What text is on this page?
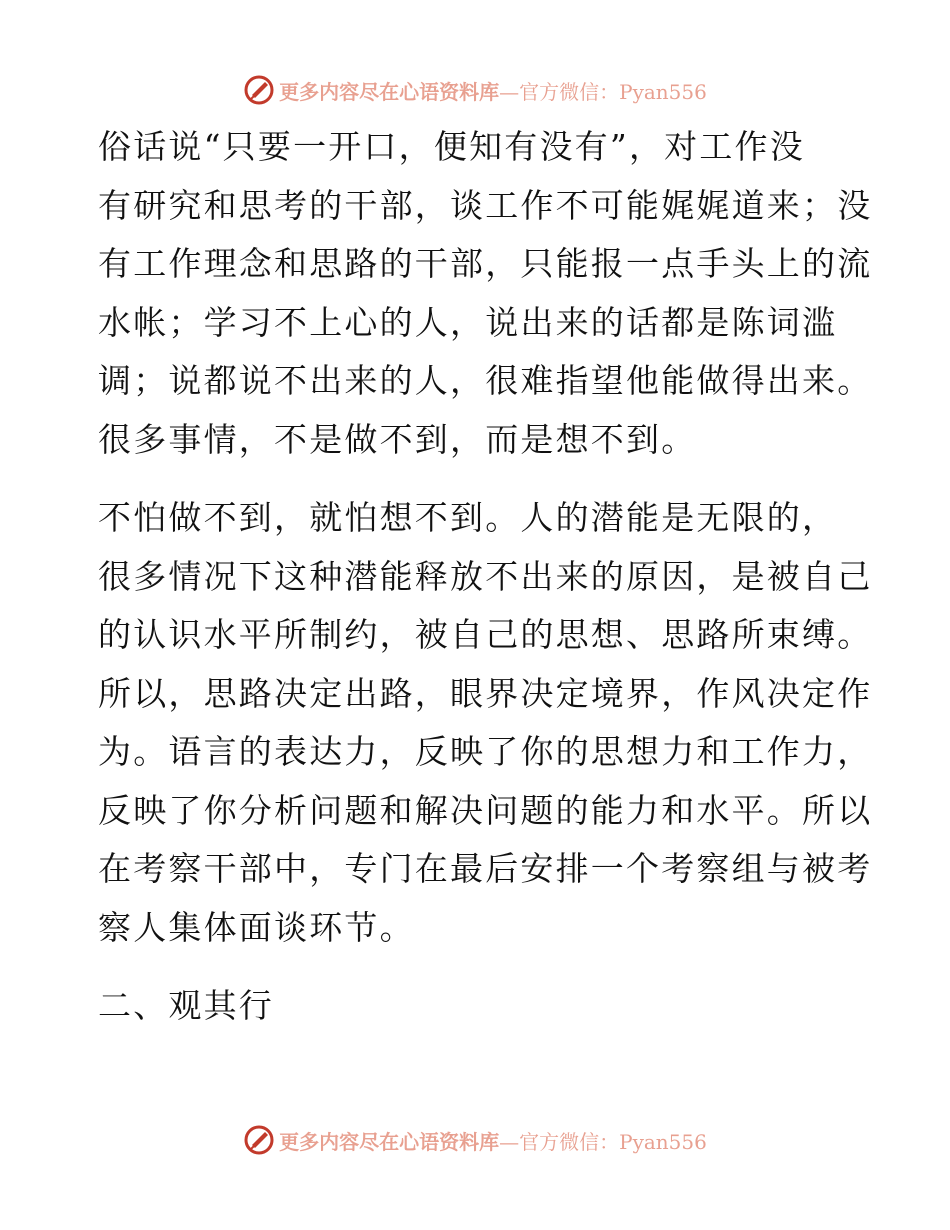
更多内容尽在心语资料库—官方微信：Pyan556

俗话说“只要一开口，便知有没有”，对工作没
有研究和思考的干部，谈工作不可能娓娓道来；没
有工作理念和思路的干部，只能报一点手头上的流
水帐；学习不上心的人，说出来的话都是陈词滥
调；说都说不出来的人，很难指望他能做得出来。
很多事情，不是做不到，而是想不到。

不怕做不到，就怕想不到。人的潜能是无限的，
很多情况下这种潜能释放不出来的原因，是被自己
的认识水平所制约，被自己的思想、思路所束缚。
所以，思路决定出路，眼界决定境界，作风决定作
为。语言的表达力，反映了你的思想力和工作力，
反映了你分析问题和解决问题的能力和水平。所以
在考察干部中，专门在最后安排一个考察组与被考
察人集体面谈环节。

二、观其行

更多内容尽在心语资料库—官方微信：Pyan556
